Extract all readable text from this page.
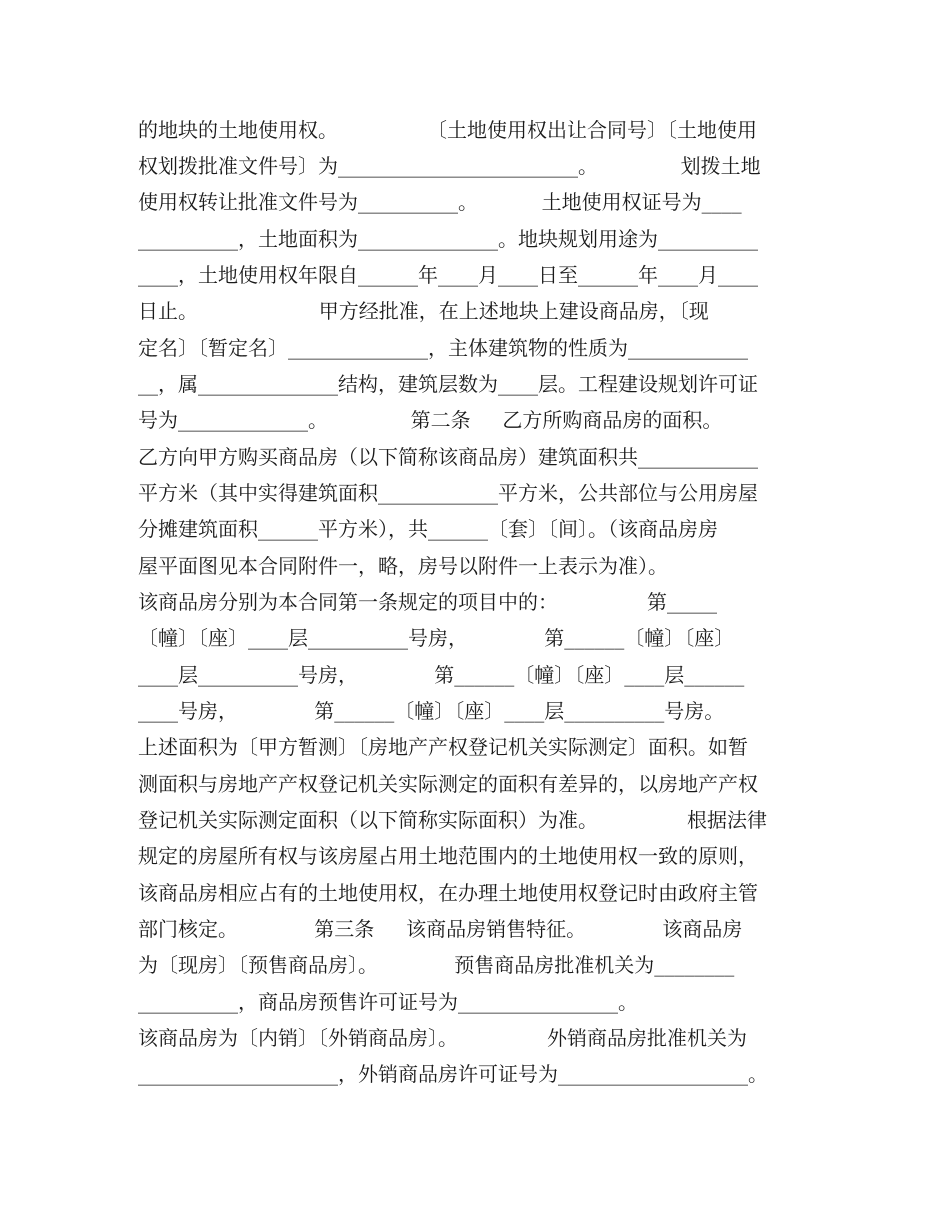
的地块的土地使用权。              〔土地使用权出让合同号〕〔土地使用
权划拨批准文件号〕为________________________。             划拨土地
使用权转让批准文件号为__________。          土地使用权证号为____
__________，土地面积为______________。地块规划用途为__________
____，土地使用权年限自______年____月____日至______年____月____
日止。                   甲方经批准，在上述地块上建设商品房，〔现
定名〕〔暂定名〕______________，主体建筑物的性质为____________
__，属______________结构，建筑层数为____层。工程建设规划许可证
号为_____________。             第二条     乙方所购商品房的面积。
乙方向甲方购买商品房（以下简称该商品房）建筑面积共____________
平方米（其中实得建筑面积____________平方米，公共部位与公用房屋
分摊建筑面积______平方米），共______〔套〕〔间〕。（该商品房房
屋平面图见本合同附件一，略，房号以附件一上表示为准）。
该商品房分别为本合同第一条规定的项目中的：              第_____
〔幢〕〔座〕____层__________号房，            第______〔幢〕〔座〕
____层__________号房，            第______〔幢〕〔座〕____层______
____号房，            第______〔幢〕〔座〕____层__________号房。
上述面积为〔甲方暂测〕〔房地产产权登记机关实际测定〕面积。如暂
测面积与房地产产权登记机关实际测定的面积有差异的，以房地产产权
登记机关实际测定面积（以下简称实际面积）为准。              根据法律
规定的房屋所有权与该房屋占用土地范围内的土地使用权一致的原则，
该商品房相应占有的土地使用权，在办理土地使用权登记时由政府主管
部门核定。            第三条     该商品房销售特征。            该商品房
为〔现房〕〔预售商品房〕。            预售商品房批准机关为________
__________，商品房预售许可证号为________________。
该商品房为〔内销〕〔外销商品房〕。              外销商品房批准机关为
____________________，外销商品房许可证号为___________________。
